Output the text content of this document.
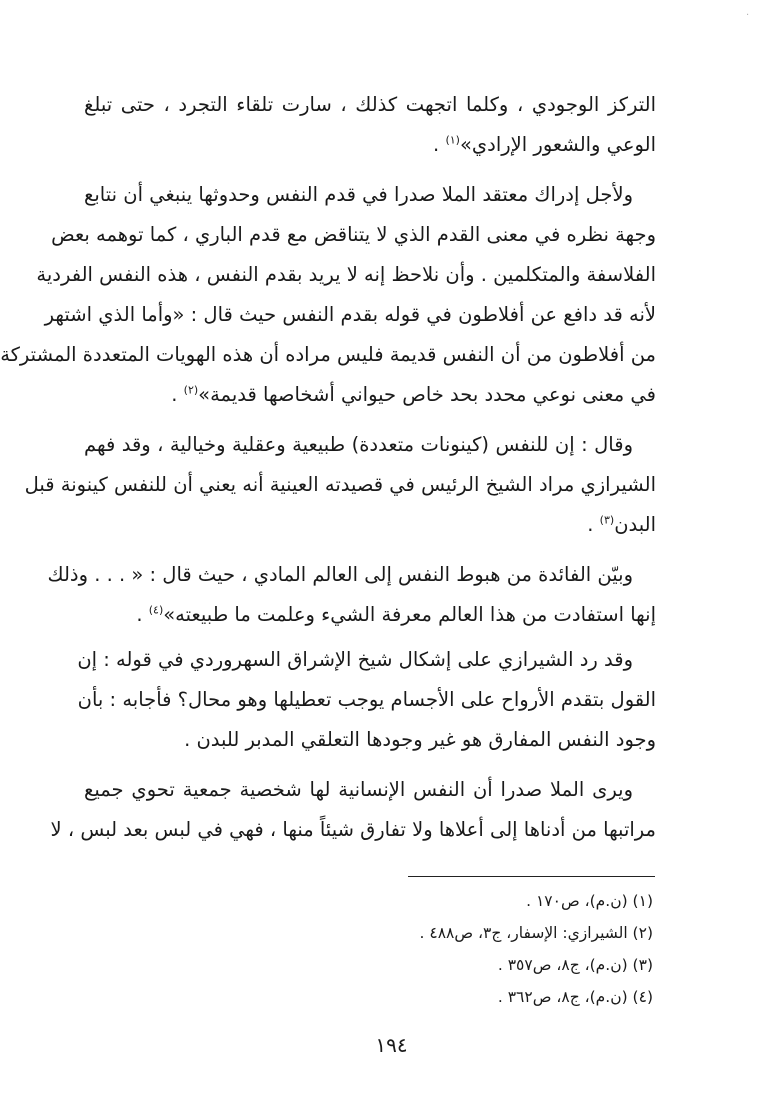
·
التركز الوجودي ، وكلما اتجهت كذلك ، سارت تلقاء التجرد ، حتى تبلغ
الوعي والشعور الإرادي»$^{(١)}$ .
ولأجل إدراك معتقد الملا صدرا في قدم النفس وحدوثها ينبغي أن نتابع
وجهة نظره في معنى القدم الذي لا يتناقض مع قدم الباري ، كما توهمه بعض
الفلاسفة والمتكلمين . وأن نلاحظ إنه لا يريد بقدم النفس ، هذه النفس الفردية
لأنه قد دافع عن أفلاطون في قوله بقدم النفس حيث قال : «وأما الذي اشتهر
من أفلاطون من أن النفس قديمة فليس مراده أن هذه الهويات المتعددة المشتركة
في معنى نوعي محدد بحد خاص حيواني أشخاصها قديمة»$^{(٢)}$ .
وقال : إن للنفس (كينونات متعددة) طبيعية وعقلية وخيالية ، وقد فهم
الشيرازي مراد الشيخ الرئيس في قصيدته العينية أنه يعني أن للنفس كينونة قبل
البدن$^{(٣)}$ .
وبيّن الفائدة من هبوط النفس إلى العالم المادي ، حيث قال : « . . . وذلك
إنها استفادت من هذا العالم معرفة الشيء وعلمت ما طبيعته»$^{(٤)}$ .
وقد رد الشيرازي على إشكال شيخ الإشراق السهروردي في قوله : إن
القول بتقدم الأرواح على الأجسام يوجب تعطيلها وهو محال؟ فأجابه : بأن
وجود النفس المفارق هو غير وجودها التعلقي المدبر للبدن .
ويرى الملا صدرا أن النفس الإنسانية لها شخصية جمعية تحوي جميع
مراتبها من أدناها إلى أعلاها ولا تفارق شيئاً منها ، فهي في لبس بعد لبس ، لا
(١) (ن.م)، ص١٧٠ .
(٢) الشيرازي: الإسفار، ج٣، ص٤٨٨ .
(٣) (ن.م)، ج٨، ص٣٥٧ .
(٤) (ن.م)، ج٨، ص٣٦٢ .
١٩٤
